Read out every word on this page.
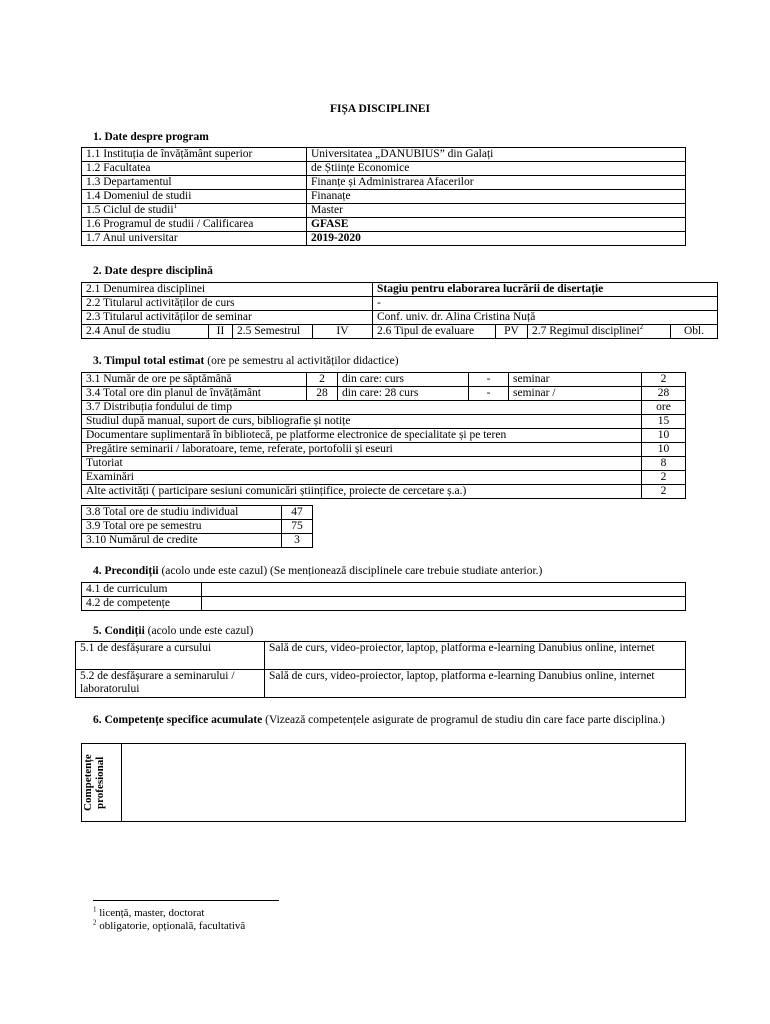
FIȘA DISCIPLINEI
1. Date despre program
1.1 Instituția de învățământ superior	Universitatea „DANUBIUS” din Galați
1.2 Facultatea	de Științe Economice
1.3 Departamentul	Finanțe și Administrarea Afacerilor
1.4 Domeniul de studii	Finanațe
1.5 Ciclul de studii$^1$	Master
1.6 Programul de studii / Calificarea	GFASE
1.7 Anul universitar	2019-2020
2. Date despre disciplină
2.1 Denumirea disciplinei				Stagiu pentru elaborarea lucrării de disertație			
2.2 Titularul activităților de curs				-			
2.3 Titularul activităților de seminar				Conf. univ. dr. Alina Cristina Nuță			
2.4 Anul de studiu	II	2.5 Semestrul	IV	2.6 Tipul de evaluare	PV	2.7 Regimul disciplinei$^2$	Obl.
3. Timpul total estimat (ore pe semestru al activităților didactice)
3.1 Număr de ore pe săptămână	2	din care: curs	-	seminar	2
3.4 Total ore din planul de învățământ	28	din care: 28 curs	-	seminar /	28
3.7 Distribuția fondului de timp					ore
Studiul după manual, suport de curs, bibliografie și notițe					15
Documentare suplimentară în bibliotecă, pe platforme electronice de specialitate și pe teren					10
Pregătire seminarii / laboratoare, teme, referate, portofolii și eseuri					10
Tutoriat					8
Examinări					2
Alte activități ( participare sesiuni comunicări științifice, proiecte de cercetare ș.a.)					2
3.8 Total ore de studiu individual	47
3.9 Total ore pe semestru	75
3.10 Numărul de credite	3
4. Precondiții (acolo unde este cazul) (Se menționează disciplinele care trebuie studiate anterior.)
4.1 de curriculum	
4.2 de competențe	
5. Condiții (acolo unde este cazul)
5.1 de desfășurare a cursului	Sală de curs, video-proiector, laptop, platforma e-learning Danubius online, internet
5.2 de desfășurare a seminarului / laboratorului	Sală de curs, video-proiector, laptop, platforma e-learning Danubius online, internet
6. Competențe specifice acumulate (Vizează competențele asigurate de programul de studiu din care face parte disciplina.)
Competențe profesional

$^1$ licență, master, doctorat
$^2$ obligatorie, opțională, facultativă
